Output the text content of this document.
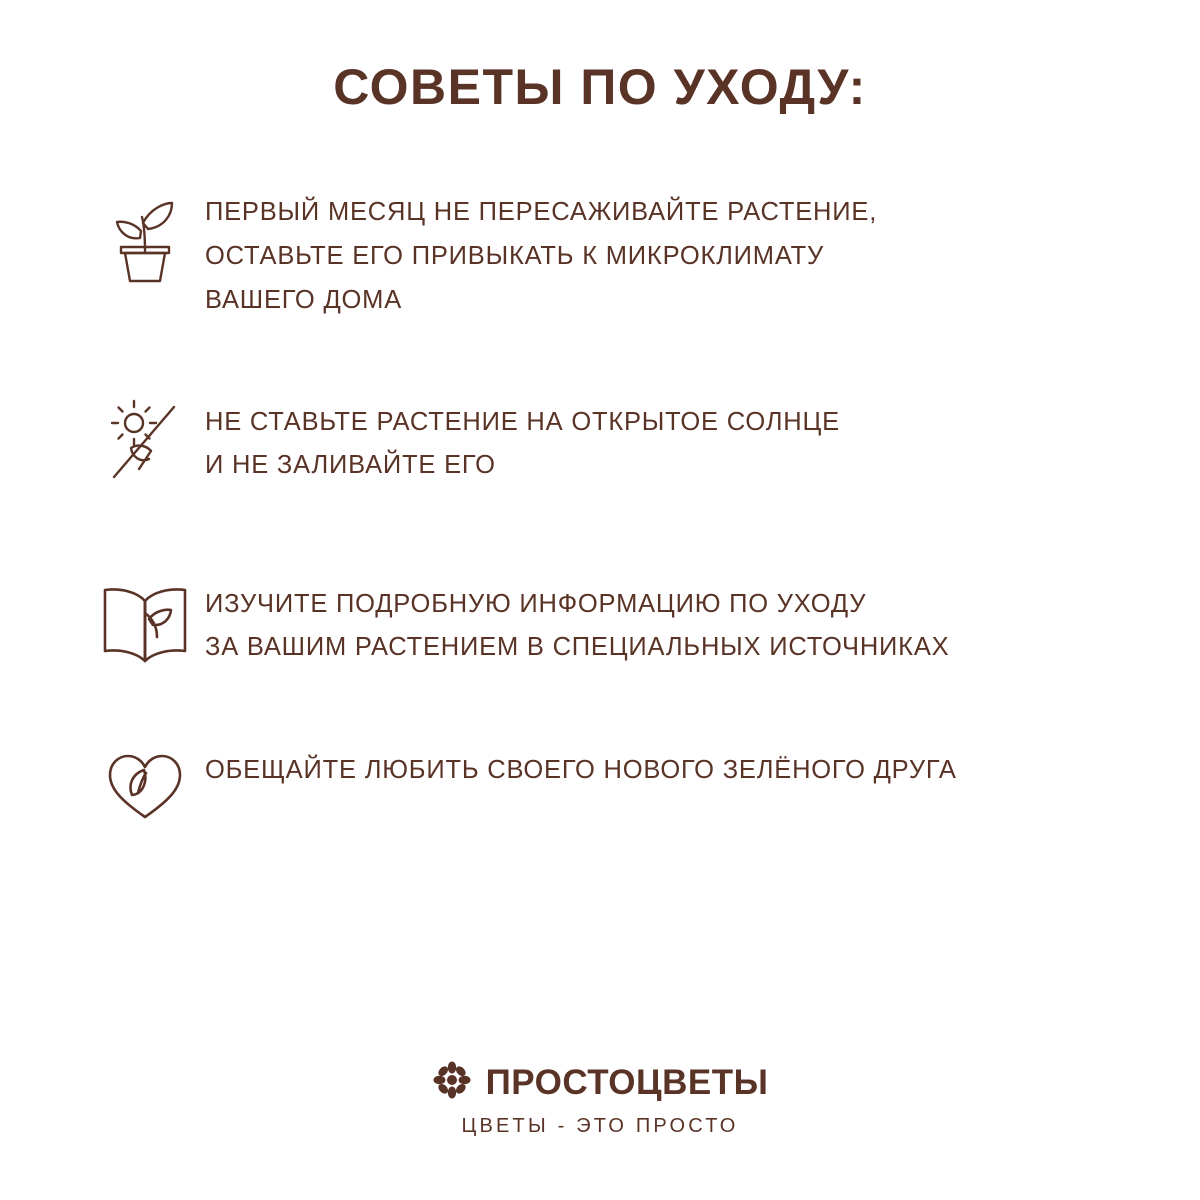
СОВЕТЫ ПО УХОДУ:
ПЕРВЫЙ МЕСЯЦ НЕ ПЕРЕСАЖИВАЙТЕ РАСТЕНИЕ,
ОСТАВЬТЕ ЕГО ПРИВЫКАТЬ К МИКРОКЛИМАТУ
ВАШЕГО ДОМА
НЕ СТАВЬТЕ РАСТЕНИЕ НА ОТКРЫТОЕ СОЛНЦЕ
И НЕ ЗАЛИВАЙТЕ ЕГО
ИЗУЧИТЕ ПОДРОБНУЮ ИНФОРМАЦИЮ ПО УХОДУ
ЗА ВАШИМ РАСТЕНИЕМ В СПЕЦИАЛЬНЫХ ИСТОЧНИКАХ
ОБЕЩАЙТЕ ЛЮБИТЬ СВОЕГО НОВОГО ЗЕЛЁНОГО ДРУГА
ПРОСТОЦВЕТЫ
ЦВЕТЫ - ЭТО ПРОСТО
